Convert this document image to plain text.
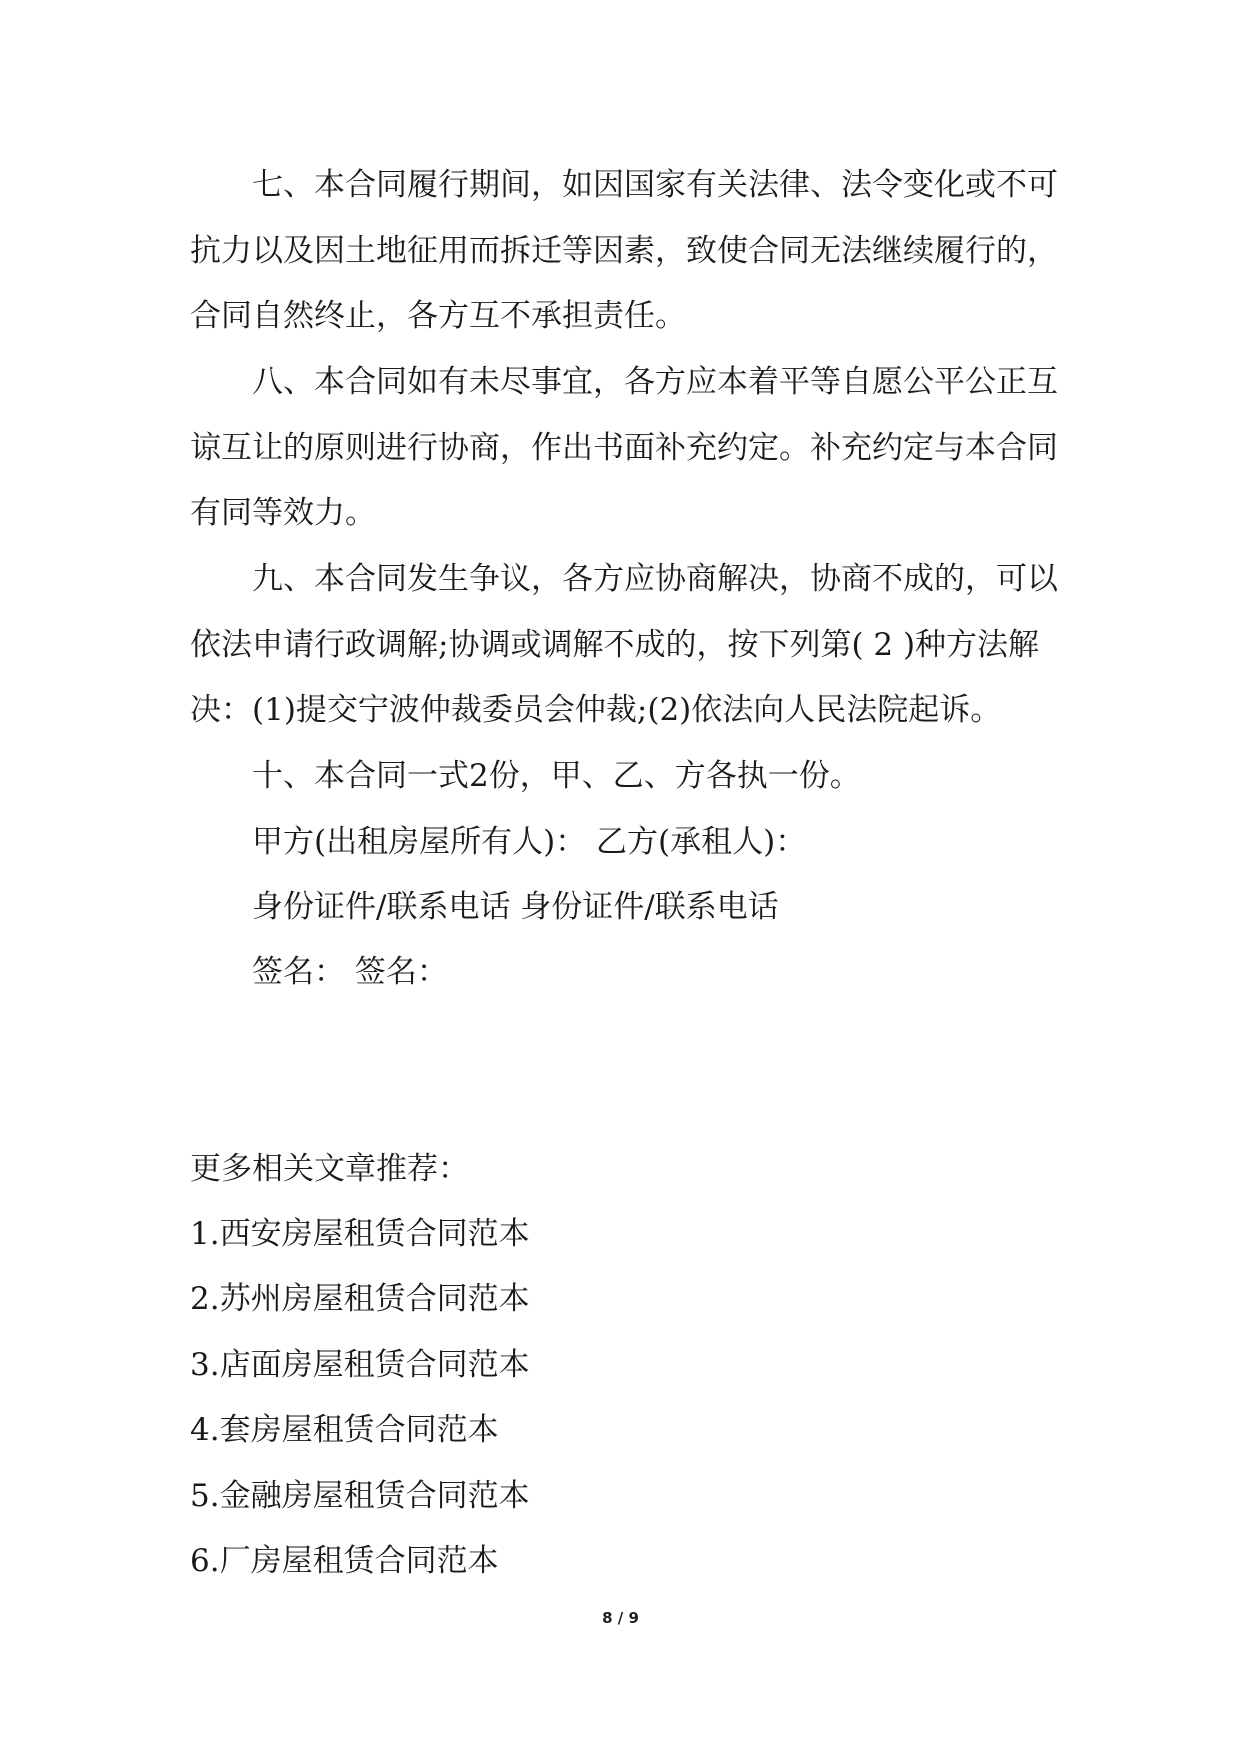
七、本合同履行期间，如因国家有关法律、法令变化或不可
抗力以及因土地征用而拆迁等因素，致使合同无法继续履行的，
合同自然终止，各方互不承担责任。
八、本合同如有未尽事宜，各方应本着平等自愿公平公正互
谅互让的原则进行协商，作出书面补充约定。补充约定与本合同
有同等效力。
九、本合同发生争议，各方应协商解决，协商不成的，可以
依法申请行政调解;协调或调解不成的，按下列第( 2 )种方法解
决：(1)提交宁波仲裁委员会仲裁;(2)依法向人民法院起诉。
十、本合同一式2份，甲、乙、方各执一份。
甲方(出租房屋所有人)： 乙方(承租人)：
身份证件/联系电话 身份证件/联系电话
签名： 签名：
更多相关文章推荐：
1.西安房屋租赁合同范本
2.苏州房屋租赁合同范本
3.店面房屋租赁合同范本
4.套房屋租赁合同范本
5.金融房屋租赁合同范本
6.厂房屋租赁合同范本
8 / 9
